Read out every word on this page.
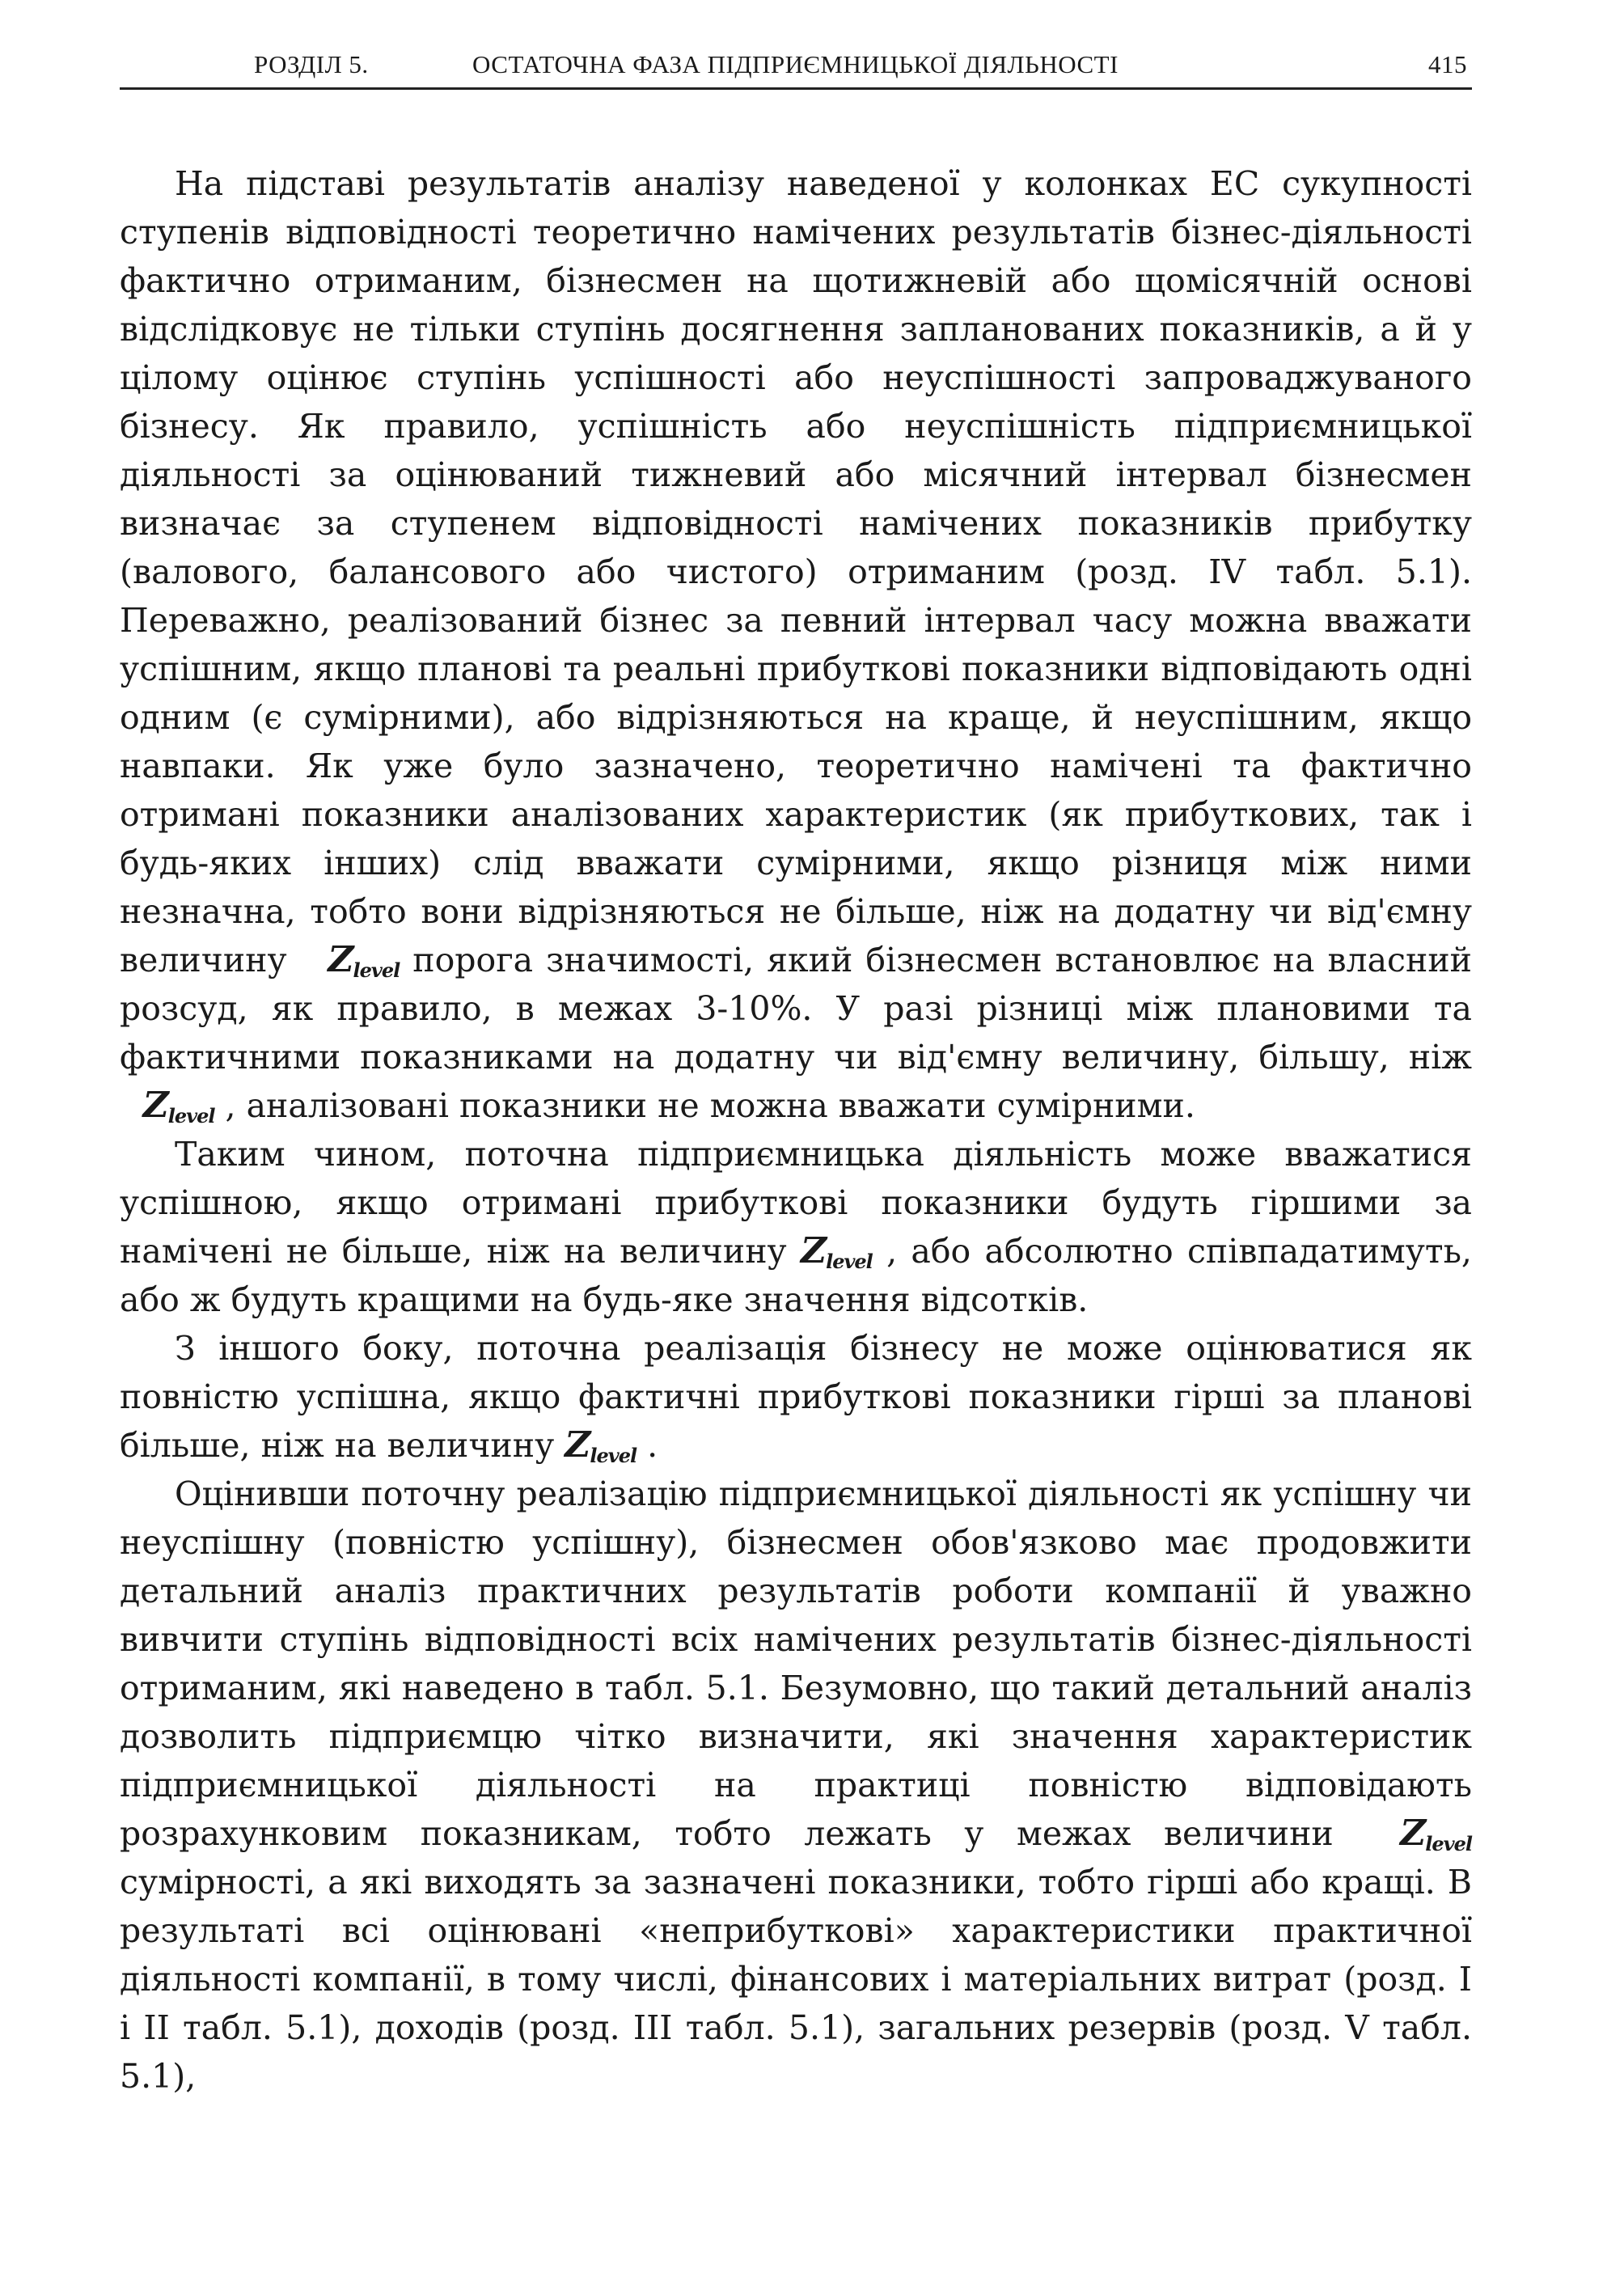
РОЗДІЛ 5.	ОСТАТОЧНА ФАЗА ПІДПРИЄМНИЦЬКОЇ ДІЯЛЬНОСТІ	415

На підставі результатів аналізу наведеної у колонках ЕС сукупності ступенів відповідності теоретично намічених результатів бізнес-діяльності фактично отриманим, бізнесмен на щотижневій або щомісячній основі відслідковує не тільки ступінь досягнення запланованих показників, а й у цілому оцінює ступінь успішності або неуспішності запроваджуваного бізнесу. Як правило, успішність або неуспішність підприємницької діяльності за оцінюваний тижневий або місячний інтервал бізнесмен визначає за ступенем відповідності намічених показників прибутку (валового, балансового або чистого) отриманим (розд. IV табл. 5.1). Переважно, реалізований бізнес за певний інтервал часу можна вважати успішним, якщо планові та реальні прибуткові показники відповідають одні одним (є сумірними), або відрізняються на краще, й неуспішним, якщо навпаки. Як уже було зазначено, теоретично намічені та фактично отримані показники аналізованих характеристик (як прибуткових, так і будь-яких інших) слід вважати сумірними, якщо різниця між ними незначна, тобто вони відрізняються не більше, ніж на додатну чи від'ємну величину $Z_{level}$ порога значимості, який бізнесмен встановлює на власний розсуд, як правило, в межах 3-10%. У разі різниці між плановими та фактичними показниками на додатну чи від'ємну величину, більшу, ніж   $Z_{level}$ , аналізовані показники не можна вважати сумірними.

Таким чином, поточна підприємницька діяльність може вважатися успішною, якщо отримані прибуткові показники будуть гіршими за намічені не більше, ніж на величину $Z_{level}$ , або абсолютно співпадатимуть, або ж будуть кращими на будь-яке значення відсотків.

З іншого боку, поточна реалізація бізнесу не може оцінюватися як повністю успішна, якщо фактичні прибуткові показники гірші за планові більше, ніж на величину $Z_{level}$ .

Оцінивши поточну реалізацію підприємницької діяльності як успішну чи неуспішну (повністю успішну), бізнесмен обов'язково має продовжити детальний аналіз практичних результатів роботи компанії й уважно вивчити ступінь відповідності всіх намічених результатів бізнес-діяльності отриманим, які наведено в табл. 5.1. Безумовно, що такий детальний аналіз дозволить підприємцю чітко визначити, які значення характеристик підприємницької діяльності на практиці повністю відповідають розрахунковим показникам, тобто лежать у межах величини $Z_{level}$ сумірності, а які виходять за зазначені показники, тобто гірші або кращі. В результаті всі оцінювані «неприбуткові» характеристики практичної діяльності компанії, в тому числі, фінансових і матеріальних витрат (розд. I і II табл. 5.1), доходів (розд. III табл. 5.1), загальних резервів (розд. V табл. 5.1),
